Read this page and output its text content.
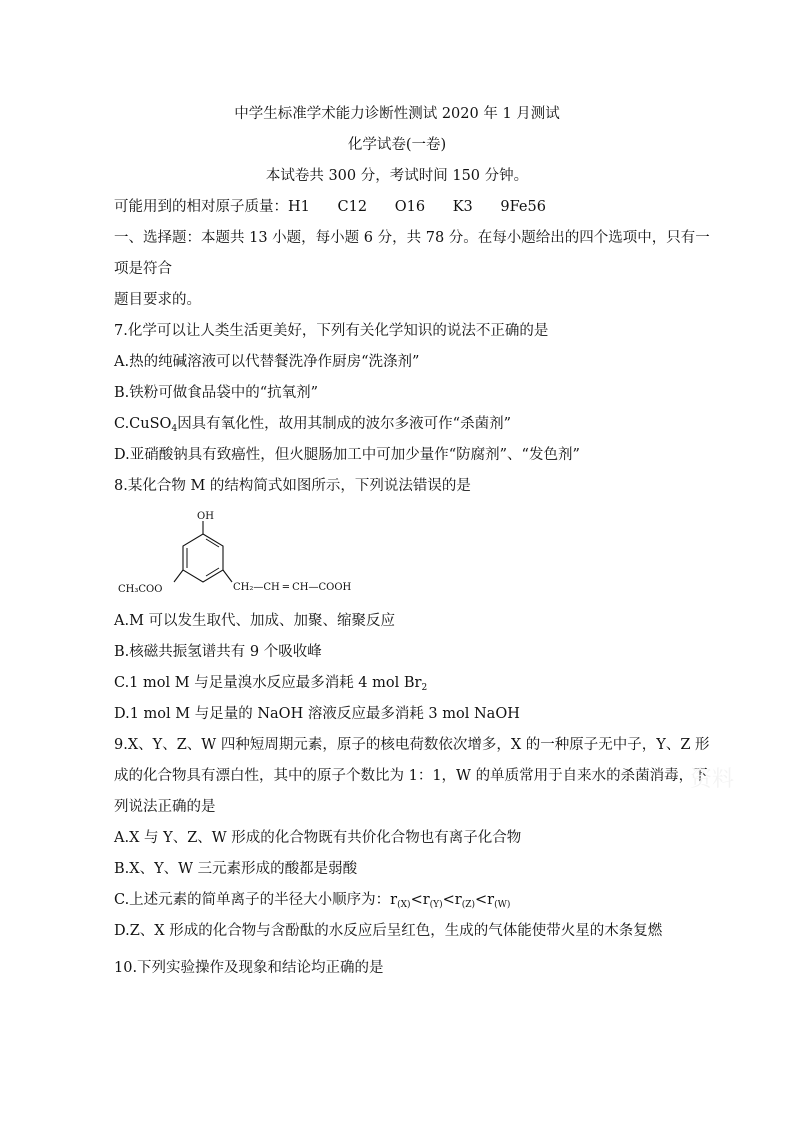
中学生标准学术能力诊断性测试 2020 年 1 月测试
化学试卷(一卷)
本试卷共 300 分，考试时间 150 分钟。
可能用到的相对原子质量：H1      C12      O16      K3      9Fe56
一、选择题：本题共 13 小题，每小题 6 分，共 78 分。在每小题给出的四个选项中，只有一
项是符合
题目要求的。
7.化学可以让人类生活更美好，下列有关化学知识的说法不正确的是
A.热的纯碱溶液可以代替餐洗净作厨房“洗涤剂”
B.铁粉可做食品袋中的“抗氧剂”
C.CuSO$_4$因具有氧化性，故用其制成的波尔多液可作“杀菌剂”
D.亚硝酸钠具有致癌性，但火腿肠加工中可加少量作“防腐剂”、“发色剂”
8.某化合物 M 的结构简式如图所示，下列说法错误的是
OH
CH₃COO	CH₂—CH ═ CH—COOH
A.M 可以发生取代、加成、加聚、缩聚反应
B.核磁共振氢谱共有 9 个吸收峰
C.1 mol M 与足量溴水反应最多消耗 4 mol $Br_2$
D.1 mol M 与足量的 NaOH 溶液反应最多消耗 3 mol NaOH
9.X、Y、Z、W 四种短周期元素，原子的核电荷数依次增多，X 的一种原子无中子，Y、Z 形
成的化合物具有漂白性，其中的原子个数比为 1：1，W 的单质常用于自来水的杀菌消毒，下
列说法正确的是
A.X 与 Y、Z、W 形成的化合物既有共价化合物也有离子化合物
B.X、Y、W 三元素形成的酸都是弱酸
C.上述元素的简单离子的半径大小顺序为：$r_{(X)}<r_{(Y)}<r_{(Z)}<r_{(W)}$
D.Z、X 形成的化合物与含酚酞的水反应后呈红色，生成的气体能使带火星的木条复燃
10.下列实验操作及现象和结论均正确的是
资料
